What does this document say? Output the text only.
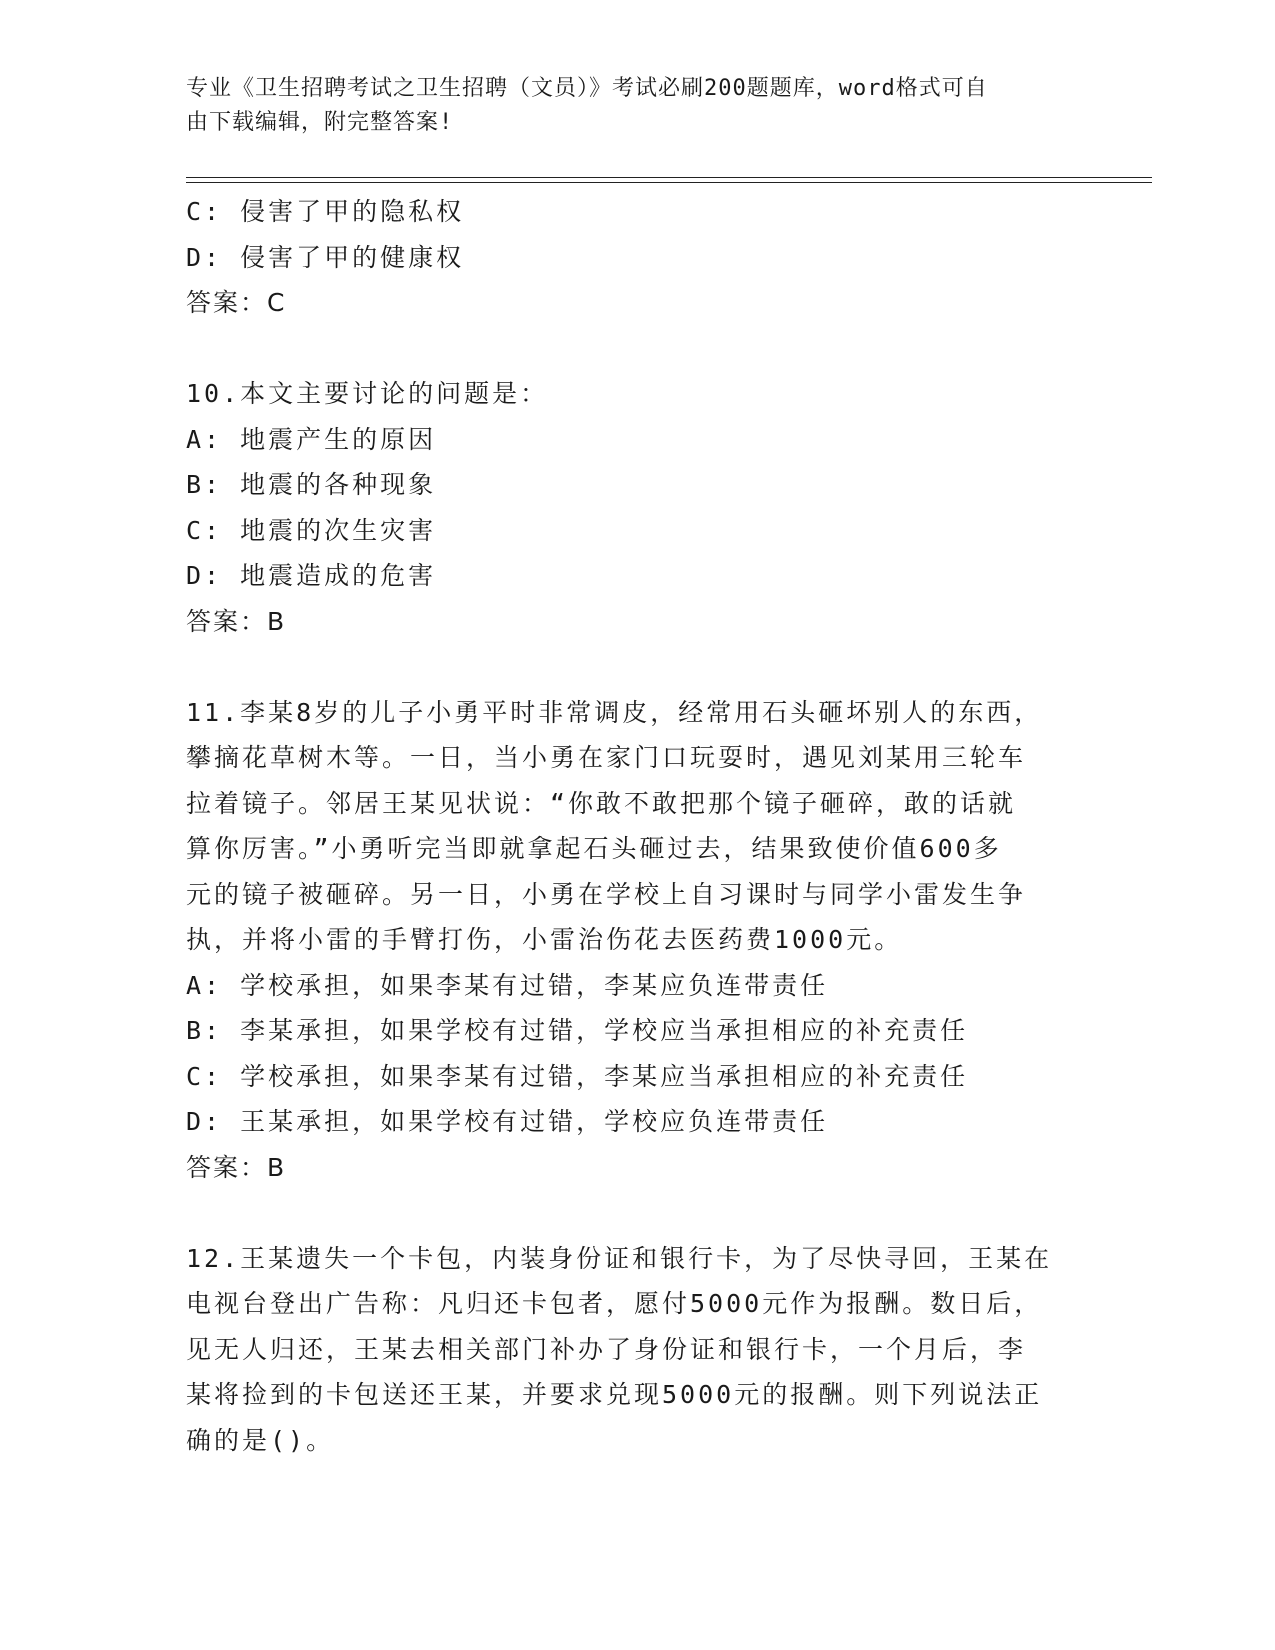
专业《卫生招聘考试之卫生招聘（文员）》考试必刷200题题库，word格式可自
由下载编辑，附完整答案!
C: 侵害了甲的隐私权
D: 侵害了甲的健康权
答案：C
10.本文主要讨论的问题是：
A: 地震产生的原因
B: 地震的各种现象
C: 地震的次生灾害
D: 地震造成的危害
答案：B
11.李某8岁的儿子小勇平时非常调皮，经常用石头砸坏别人的东西，
攀摘花草树木等。一日，当小勇在家门口玩耍时，遇见刘某用三轮车
拉着镜子。邻居王某见状说：“你敢不敢把那个镜子砸碎，敢的话就
算你厉害。”小勇听完当即就拿起石头砸过去，结果致使价值600多
元的镜子被砸碎。另一日，小勇在学校上自习课时与同学小雷发生争
执，并将小雷的手臂打伤，小雷治伤花去医药费1000元。
A: 学校承担，如果李某有过错，李某应负连带责任
B: 李某承担，如果学校有过错，学校应当承担相应的补充责任
C: 学校承担，如果李某有过错，李某应当承担相应的补充责任
D: 王某承担，如果学校有过错，学校应负连带责任
答案：B
12.王某遗失一个卡包，内装身份证和银行卡，为了尽快寻回，王某在
电视台登出广告称：凡归还卡包者，愿付5000元作为报酬。数日后，
见无人归还，王某去相关部门补办了身份证和银行卡，一个月后，李
某将捡到的卡包送还王某，并要求兑现5000元的报酬。则下列说法正
确的是()。
